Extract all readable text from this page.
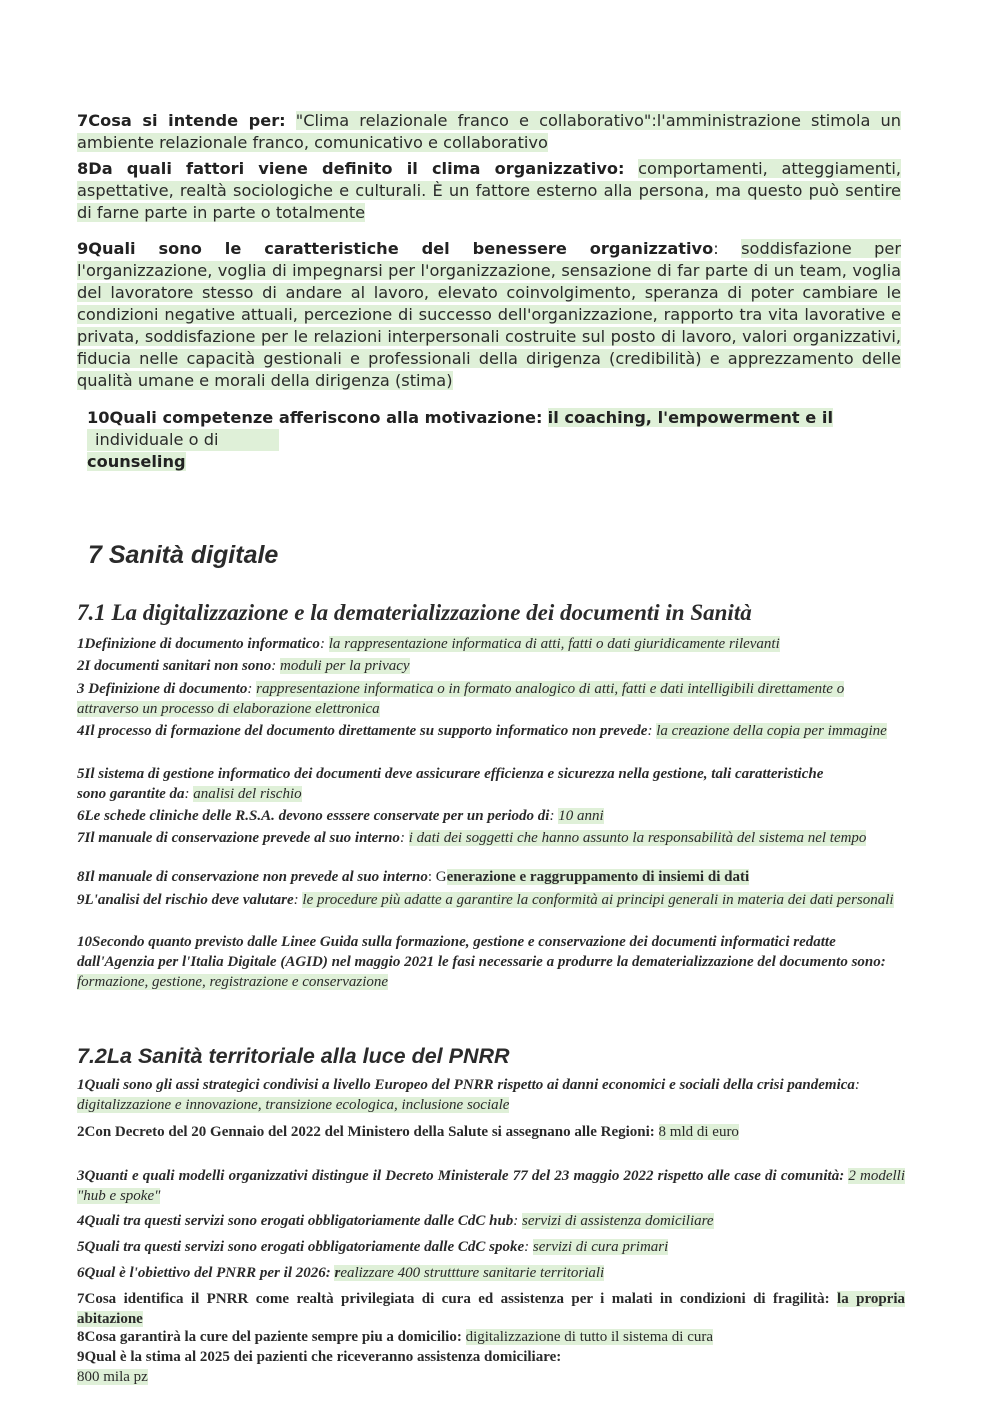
7Cosa si intende per: "Clima relazionale franco e collaborativo":l'amministrazione stimola un ambiente relazionale franco, comunicativo e collaborativo

8Da quali fattori viene definito il clima organizzativo: comportamenti, atteggiamenti, aspettative, realtà sociologiche e culturali. È un fattore esterno alla persona, ma questo può sentire di farne parte in parte o totalmente

9Quali sono le caratteristiche del benessere organizzativo: soddisfazione per l'organizzazione, voglia di impegnarsi per l'organizzazione, sensazione di far parte di un team, voglia del lavoratore stesso di andare al lavoro, elevato coinvolgimento, speranza di poter cambiare le condizioni negative attuali, percezione di successo dell'organizzazione, rapporto tra vita lavorative e privata, soddisfazione per le relazioni interpersonali costruite sul posto di lavoro, valori organizzativi, fiducia nelle capacità gestionali e professionali della dirigenza (credibilità) e apprezzamento delle qualità umane e morali della dirigenza (stima)

10Quali competenze afferiscono alla motivazione: il coaching, l'empowerment e il
individuale o di
counseling
7 Sanità digitale
7.1 La digitalizzazione e la dematerializzazione dei documenti in Sanità

1Definizione di documento informatico: la rappresentazione informatica di atti, fatti o dati giuridicamente rilevanti

2I documenti sanitari non sono: moduli per la privacy

3 Definizione di documento: rappresentazione informatica o in formato analogico di atti, fatti e dati intelligibili direttamente o attraverso un processo di elaborazione elettronica

4Il processo di formazione del documento direttamente su supporto informatico non prevede: la creazione della copia per immagine

5Il sistema di gestione informatico dei documenti deve assicurare efficienza e sicurezza nella gestione, tali caratteristiche sono garantite da: analisi del rischio

6Le schede cliniche delle R.S.A. devono esssere conservate per un periodo di: 10 anni

7Il manuale di conservazione prevede al suo interno: i dati dei soggetti che hanno assunto la responsabilità del sistema nel tempo

8Il manuale di conservazione non prevede al suo interno: Generazione e raggruppamento di insiemi di dati

9L'analisi del rischio deve valutare: le procedure più adatte a garantire la conformità ai principi generali in materia dei dati personali

10Secondo quanto previsto dalle Linee Guida sulla formazione, gestione e conservazione dei documenti informatici redatte dall'Agenzia per l'Italia Digitale (AGID) nel maggio 2021 le fasi necessarie a produrre la dematerializzazione del documento sono: formazione, gestione, registrazione e conservazione

7.2La Sanità territoriale alla luce del PNRR

1Quali sono gli assi strategici condivisi a livello Europeo del PNRR rispetto ai danni economici e sociali della crisi pandemica: digitalizzazione e innovazione, transizione ecologica, inclusione sociale

2Con Decreto del 20 Gennaio del 2022 del Ministero della Salute si assegnano alle Regioni: 8 mld di euro

3Quanti e quali modelli organizzativi distingue il Decreto Ministerale 77 del 23 maggio 2022 rispetto alle case di comunità: 2 modelli "hub e spoke"

4Quali tra questi servizi sono erogati obbligatoriamente dalle CdC hub: servizi di assistenza domiciliare

5Quali tra questi servizi sono erogati obbligatoriamente dalle CdC spoke: servizi di cura primari

6Qual è l'obiettivo del PNRR per il 2026: realizzare 400 struttture sanitarie territoriali

7Cosa identifica il PNRR come realtà privilegiata di cura ed assistenza per i malati in condizioni di fragilità: la propria abitazione

8Cosa garantirà la cure del paziente sempre piu a domicilio: digitalizzazione di tutto il sistema di cura

9Qual è la stima al 2025 dei pazienti che riceveranno assistenza domiciliare:
800 mila pz
